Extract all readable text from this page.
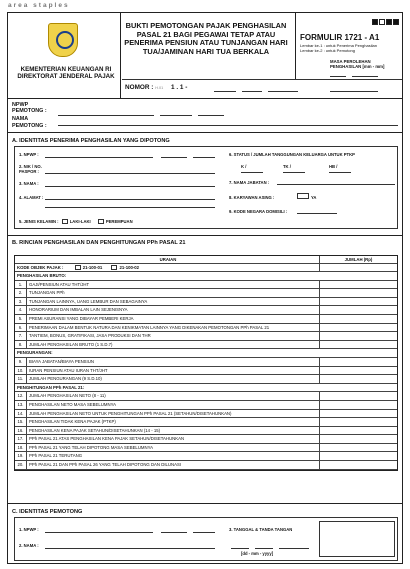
area staples
KEMENTERIAN KEUANGAN RI DIREKTORAT JENDERAL PAJAK
BUKTI PEMOTONGAN PAJAK PENGHASILAN
PASAL 21 BAGI PEGAWAI TETAP ATAU
PENERIMA PENSIUN ATAU TUNJANGAN HARI
TUA/JAMINAN HARI TUA BERKALA
FORMULIR 1721 - A1
Lembar ke-1 : untuk Penerima Penghasilan
Lembar ke-2 : untuk Pemotong
MASA PEROLEHAN
PENGHASILAN [mm - mm]
NOMOR : H.01 1 . 1 -
NPWP PEMOTONG :
NAMA PEMOTONG :
A. IDENTITAS PENERIMA PENGHASILAN YANG DIPOTONG
1. NPWP :
2. NIK / NO. PASPOR :
3. NAMA :
4. ALAMAT :
5. JENIS KELAMIN :	LAKI-LAKI	PEREMPUAN
6. STATUS / JUMLAH TANGGUNGAN KELUARGA UNTUK PTKP
K /	TK /	HB /
7. NAMA JABATAN :
8. KARYAWAN ASING :	YA
9. KODE NEGARA DOMISILI :
B. RINCIAN PENGHASILAN DAN PENGHITUNGAN PPh PASAL 21
URAIAN	JUMLAH (Rp)
KODE OBJEK PAJAK :	21-100-01	21-100-02
PENGHASILAN BRUTO:
1.	GAJI/PENSIUN ATAU THT/JHT
2.	TUNJANGAN PPh
3.	TUNJANGAN LAINNYA, UANG LEMBUR DAN SEBAGAINYA
4.	HONORARIUM DAN IMBALAN LAIN SEJENISNYA
5.	PREMI ASURANSI YANG DIBAYAR PEMBERI KERJA
6.	PENERIMAAN DALAM BENTUK NATURA DAN KENIKMATAN LAINNYA YANG DIKENAKAN PEMOTONGAN PPh PASAL 21
7.	TANTIEM, BONUS, GRATIFIKASI, JASA PRODUKSI DAN THR
8.	JUMLAH PENGHASILAN BRUTO (1 S.D.7)
PENGURANGAN:
9.	BIAYA JABATAN/BIAYA PENSIUN
10.	IURAN PENSIUN ATAU IURAN THT/JHT
11.	JUMLAH PENGURANGAN (9 S.D.10)
PENGHITUNGAN PPh PASAL 21:
12.	JUMLAH PENGHASILAN NETO (8 - 11)
13.	PENGHASILAN NETO MASA SEBELUMNYA
14.	JUMLAH PENGHASILAN NETO UNTUK PENGHITUNGAN PPh PASAL 21 (SETAHUN/DISETAHUNKAN)
15.	PENGHASILAN TIDAK KENA PAJAK (PTKP)
16.	PENGHASILAN KENA PAJAK SETAHUN/DISETAHUNKAN (14 - 15)
17.	PPh PASAL 21 ATAS PENGHASILAN KENA PAJAK SETAHUN/DISETAHUNKAN
18.	PPh PASAL 21 YANG TELAH DIPOTONG MASA SEBELUMNYA
19.	PPh PASAL 21 TERUTANG
20.	PPh PASAL 21 DAN PPh PASAL 26 YANG TELAH DIPOTONG DAN DILUNASI
C. IDENTITAS PEMOTONG
1. NPWP :
2. NAMA :
3. TANGGAL & TANDA TANGAN
[dd - mm - yyyy]
